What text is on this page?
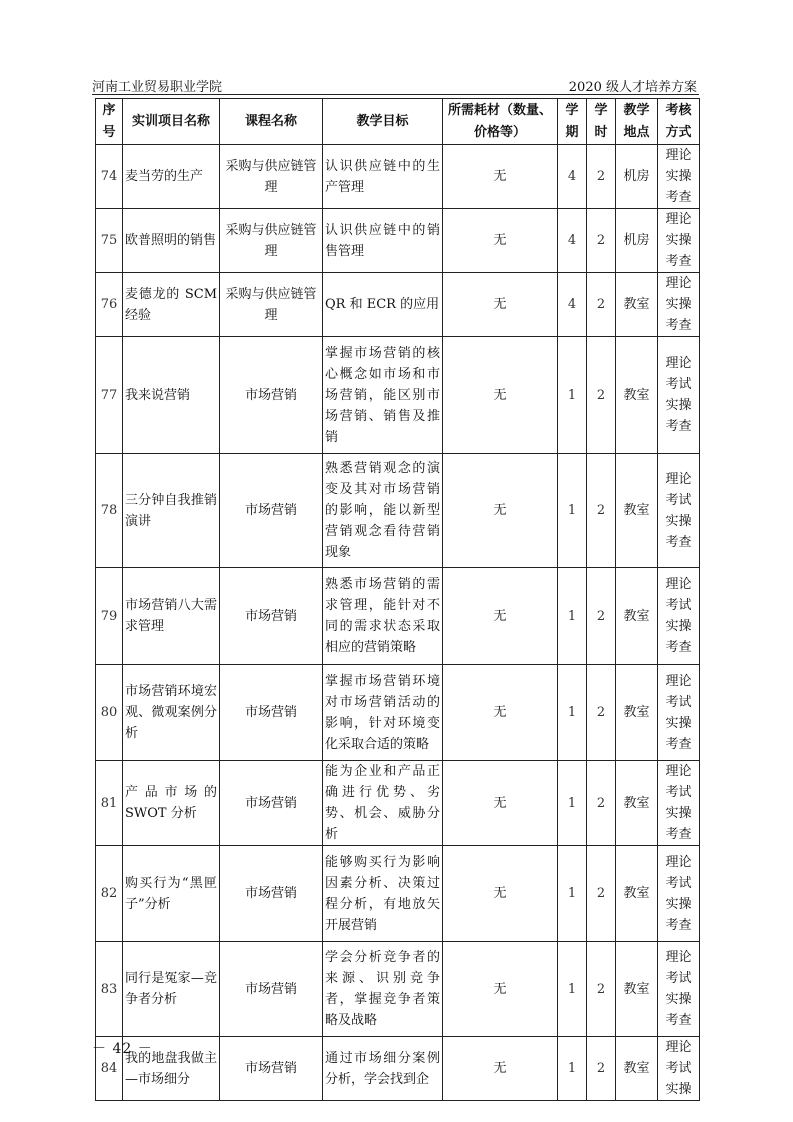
河南工业贸易职业学院	2020 级人才培养方案
序号	实训项目名称	课程名称	教学目标	所需耗材（数量、价格等）	学期	学时	教学地点	考核方式
74	麦当劳的生产	采购与供应链管理	认识供应链中的生产管理	无	4	2	机房	理论实操考查
75	欧普照明的销售	采购与供应链管理	认识供应链中的销售管理	无	4	2	机房	理论实操考查
76	麦德龙的 SCM经验	采购与供应链管理	QR 和 ECR 的应用	无	4	2	教室	理论实操考查
77	我来说营销	市场营销	掌握市场营销的核心概念如市场和市场营销，能区别市场营销、销售及推销	无	1	2	教室	理论考试实操考查
78	三分钟自我推销演讲	市场营销	熟悉营销观念的演变及其对市场营销的影响，能以新型营销观念看待营销现象	无	1	2	教室	理论考试实操考查
79	市场营销八大需求管理	市场营销	熟悉市场营销的需求管理，能针对不同的需求状态采取相应的营销策略	无	1	2	教室	理论考试实操考查
80	市场营销环境宏观、微观案例分析	市场营销	掌握市场营销环境对市场营销活动的影响，针对环境变化采取合适的策略	无	1	2	教室	理论考试实操考查
81	产品市场的SWOT 分析	市场营销	能为企业和产品正确进行优势、劣势、机会、威胁分析	无	1	2	教室	理论考试实操考查
82	购买行为“黑匣子”分析	市场营销	能够购买行为影响因素分析、决策过程分析，有地放矢开展营销	无	1	2	教室	理论考试实操考查
83	同行是冤家—竞争者分析	市场营销	学会分析竞争者的来源、识别竞争者，掌握竞争者策略及战略	无	1	2	教室	理论考试实操考查
84	我的地盘我做主—市场细分	市场营销	通过市场细分案例分析，学会找到企	无	1	2	教室	理论考试实操
－ 42 －
